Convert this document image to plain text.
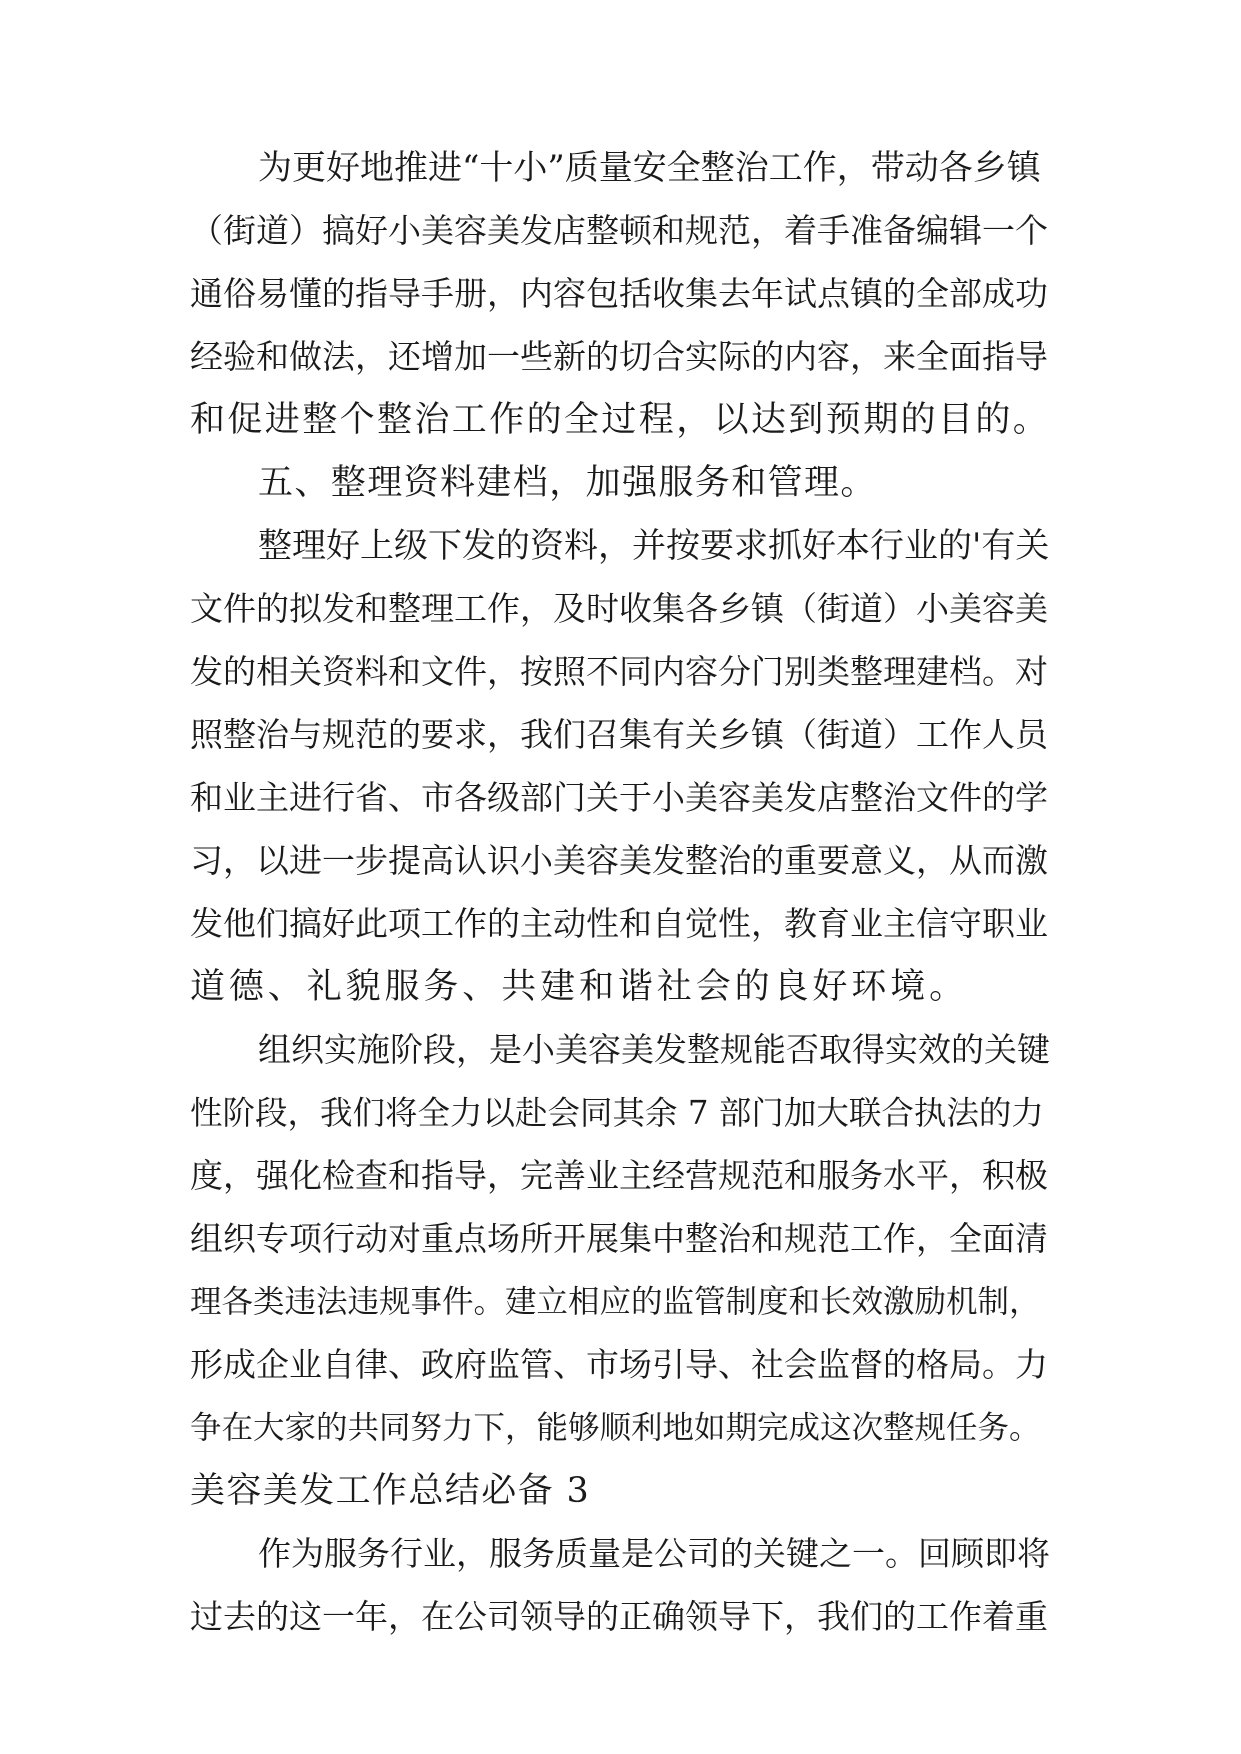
为更好地推进“十小”质量安全整治工作，带动各乡镇
（街道）搞好小美容美发店整顿和规范，着手准备编辑一个
通俗易懂的指导手册，内容包括收集去年试点镇的全部成功
经验和做法，还增加一些新的切合实际的内容，来全面指导
和促进整个整治工作的全过程，以达到预期的目的。
五、整理资料建档，加强服务和管理。
整理好上级下发的资料，并按要求抓好本行业的'有关
文件的拟发和整理工作，及时收集各乡镇（街道）小美容美
发的相关资料和文件，按照不同内容分门别类整理建档。对
照整治与规范的要求，我们召集有关乡镇（街道）工作人员
和业主进行省、市各级部门关于小美容美发店整治文件的学
习，以进一步提高认识小美容美发整治的重要意义，从而激
发他们搞好此项工作的主动性和自觉性，教育业主信守职业
道德、礼貌服务、共建和谐社会的良好环境。
组织实施阶段，是小美容美发整规能否取得实效的关键
性阶段，我们将全力以赴会同其余 7 部门加大联合执法的力
度，强化检查和指导，完善业主经营规范和服务水平，积极
组织专项行动对重点场所开展集中整治和规范工作，全面清
理各类违法违规事件。建立相应的监管制度和长效激励机制，
形成企业自律、政府监管、市场引导、社会监督的格局。力
争在大家的共同努力下，能够顺利地如期完成这次整规任务。
美容美发工作总结必备 3
作为服务行业，服务质量是公司的关键之一。回顾即将
过去的这一年，在公司领导的正确领导下，我们的工作着重
